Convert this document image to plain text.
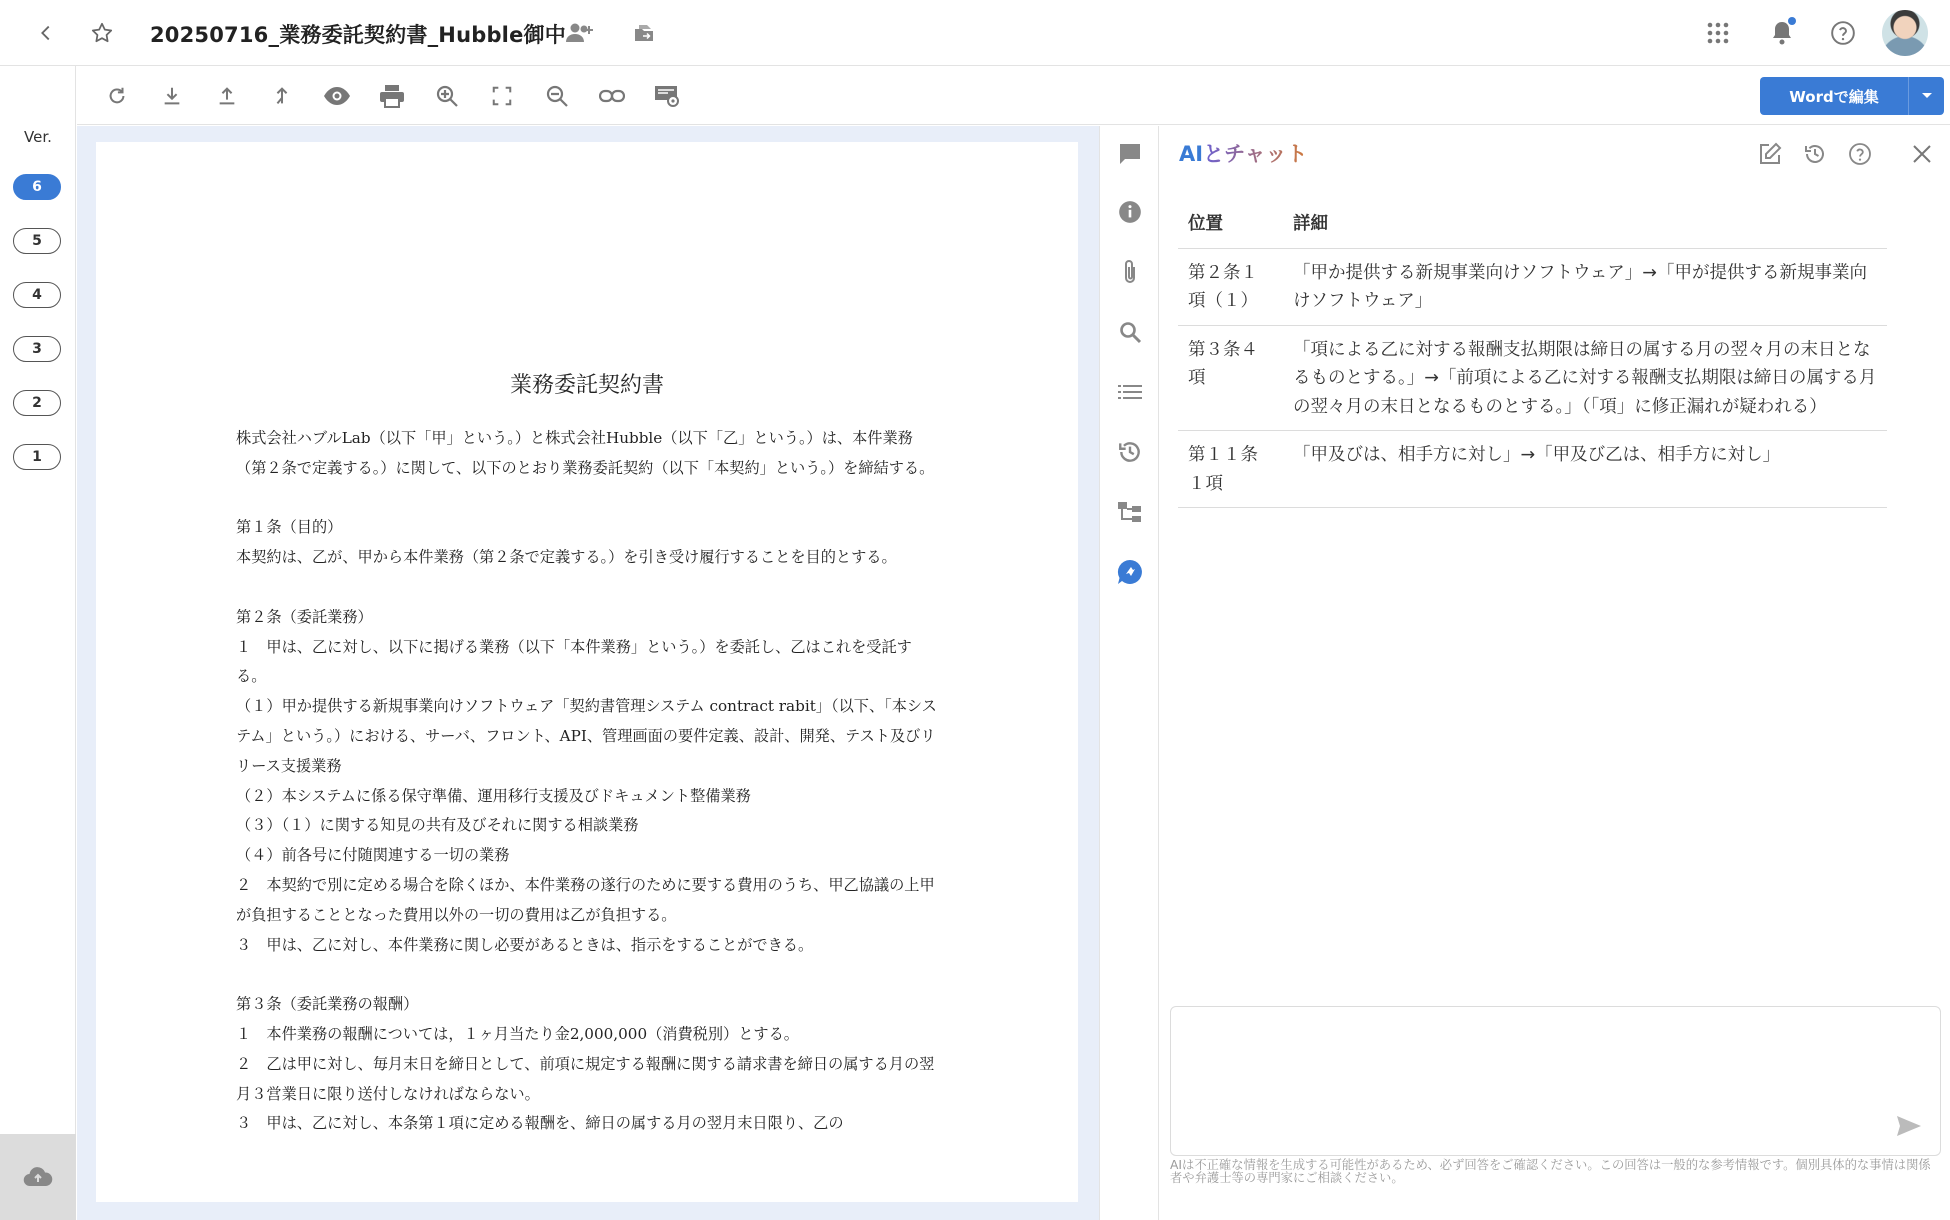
20250716_業務委託契約書_Hubble御中
Ver.
6
5
4
3
2
1
Wordで編集
業務委託契約書
株式会社ハブルLab（以下「甲」という。）と株式会社Hubble（以下「乙」という。）は、本件業務（第２条で定義する。）に関して、以下のとおり業務委託契約（以下「本契約」という。）を締結する。
第１条（目的）
本契約は、乙が、甲から本件業務（第２条で定義する。）を引き受け履行することを目的とする。
第２条（委託業務）
１　甲は、乙に対し、以下に掲げる業務（以下「本件業務」という。）を委託し、乙はこれを受託する。
（１）甲か提供する新規事業向けソフトウェア「契約書管理システム contract rabit」（以下、「本システム」という。）における、サーバ、フロント、API、管理画面の要件定義、設計、開発、テスト及びリリース支援業務
（２）本システムに係る保守準備、運用移行支援及びドキュメント整備業務
（３）（１）に関する知見の共有及びそれに関する相談業務
（４）前各号に付随関連する一切の業務
２　本契約で別に定める場合を除くほか、本件業務の遂行のために要する費用のうち、甲乙協議の上甲が負担することとなった費用以外の一切の費用は乙が負担する。
３　甲は、乙に対し、本件業務に関し必要があるときは、指示をすることができる。
第３条（委託業務の報酬）
１　本件業務の報酬については，１ヶ月当たり金2,000,000（消費税別）とする。
２　乙は甲に対し、毎月末日を締日として、前項に規定する報酬に関する請求書を締日の属する月の翌月３営業日に限り送付しなければならない。
３　甲は、乙に対し、本条第１項に定める報酬を、締日の属する月の翌月末日限り、乙の
AIとチャット
位置	詳細
第２条１項（１）	「甲か提供する新規事業向けソフトウェア」→「甲が提供する新規事業向けソフトウェア」
第３条４項	「項による乙に対する報酬支払期限は締日の属する月の翌々月の末日となるものとする。」→「前項による乙に対する報酬支払期限は締日の属する月の翌々月の末日となるものとする。」（「項」に修正漏れが疑われる）
第１１条１項	「甲及びは、相手方に対し」→「甲及び乙は、相手方に対し」
AIは不正確な情報を生成する可能性があるため、必ず回答をご確認ください。この回答は一般的な参考情報です。個別具体的な事情は関係者や弁護士等の専門家にご相談ください。
